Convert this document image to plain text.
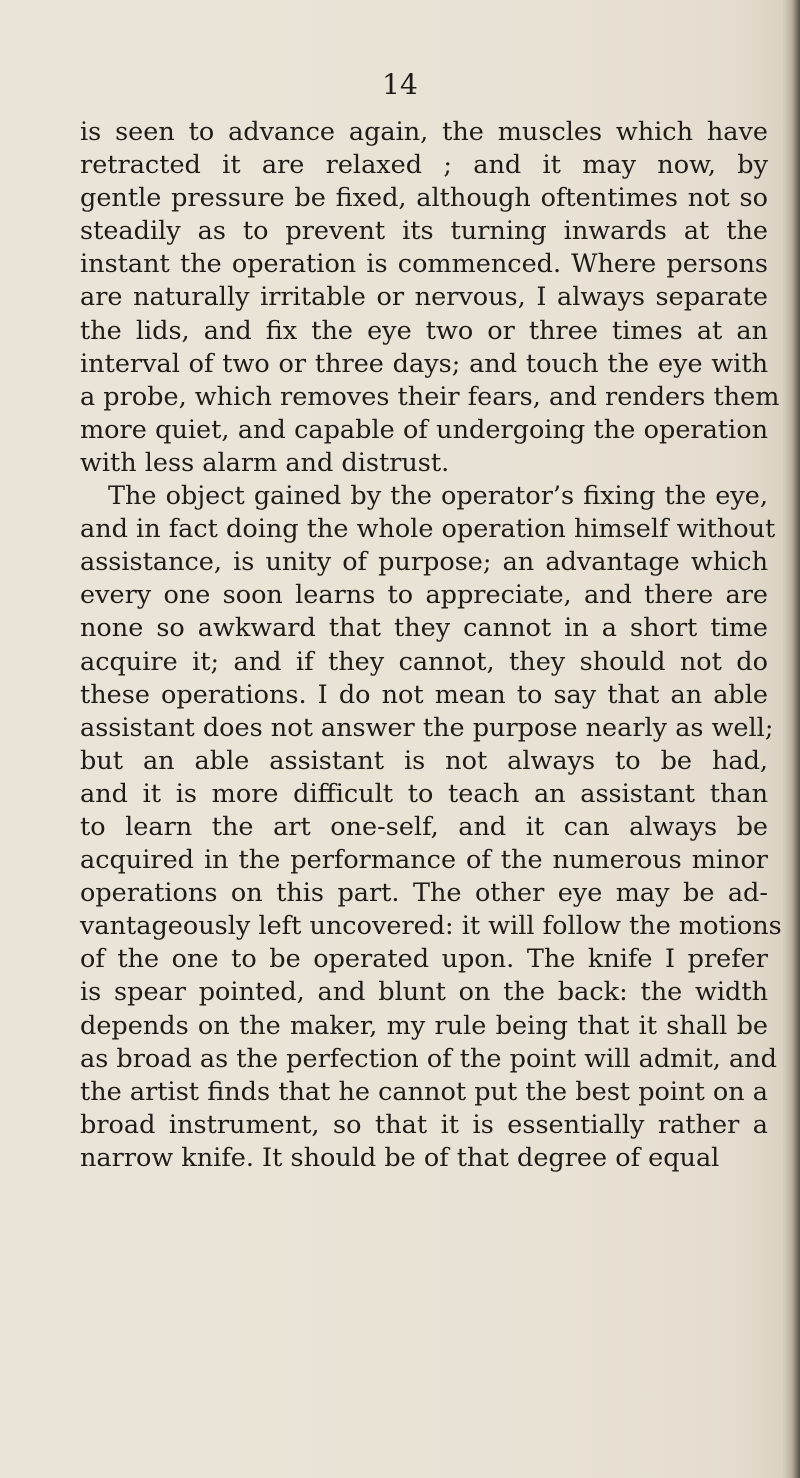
14
is seen to advance again, the muscles which have
retracted it are relaxed ; and it may now, by
gentle pressure be fixed, although oftentimes not so
steadily as to prevent its turning inwards at the
instant the operation is commenced. Where persons
are naturally irritable or nervous, I always separate
the lids, and fix the eye two or three times at an
interval of two or three days; and touch the eye with
a probe, which removes their fears, and renders them
more quiet, and capable of undergoing the operation
with less alarm and distrust.
The object gained by the operator’s fixing the eye,
and in fact doing the whole operation himself without
assistance, is unity of purpose; an advantage which
every one soon learns to appreciate, and there are
none so awkward that they cannot in a short time
acquire it; and if they cannot, they should not do
these operations. I do not mean to say that an able
assistant does not answer the purpose nearly as well;
but an able assistant is not always to be had,
and it is more difficult to teach an assistant than
to learn the art one-self, and it can always be
acquired in the performance of the numerous minor
operations on this part. The other eye may be ad-
vantageously left uncovered: it will follow the motions
of the one to be operated upon. The knife I prefer
is spear pointed, and blunt on the back: the width
depends on the maker, my rule being that it shall be
as broad as the perfection of the point will admit, and
the artist finds that he cannot put the best point on a
broad instrument, so that it is essentially rather a
narrow knife. It should be of that degree of equal
